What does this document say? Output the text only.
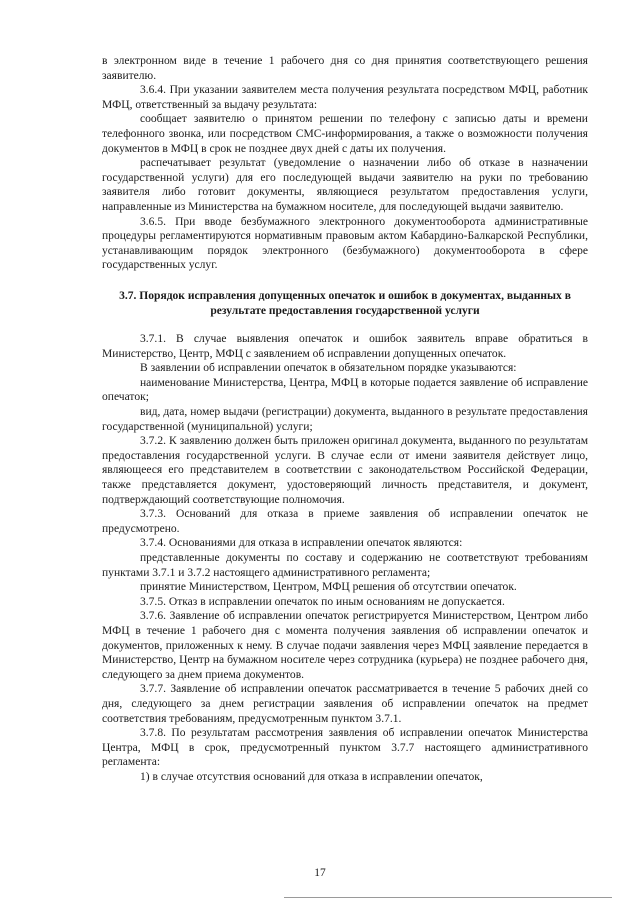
в электронном виде в течение 1 рабочего дня со дня принятия соответствующего решения заявителю.

3.6.4. При указании заявителем места получения результата посредством МФЦ, работник МФЦ, ответственный за выдачу результата:

сообщает заявителю о принятом решении по телефону с записью даты и времени телефонного звонка, или посредством СМС-информирования, а также о возможности получения документов в МФЦ в срок не позднее двух дней с даты их получения.

распечатывает результат (уведомление о назначении либо об отказе в назначении государственной услуги) для его последующей выдачи заявителю на руки по требованию заявителя либо готовит документы, являющиеся результатом предоставления услуги, направленные из Министерства на бумажном носителе, для последующей выдачи заявителю.

3.6.5. При вводе безбумажного электронного документооборота административные процедуры регламентируются нормативным правовым актом Кабардино-Балкарской Республики, устанавливающим порядок электронного (безбумажного) документооборота в сфере государственных услуг.

3.7. Порядок исправления допущенных опечаток и ошибок в документах, выданных в результате предоставления государственной услуги

3.7.1. В случае выявления опечаток и ошибок заявитель вправе обратиться в Министерство, Центр, МФЦ с заявлением об исправлении допущенных опечаток.

В заявлении об исправлении опечаток в обязательном порядке указываются:

наименование Министерства, Центра, МФЦ в которые подается заявление об исправление опечаток;

вид, дата, номер выдачи (регистрации) документа, выданного в результате предоставления государственной (муниципальной) услуги;

3.7.2. К заявлению должен быть приложен оригинал документа, выданного по результатам предоставления государственной услуги. В случае если от имени заявителя действует лицо, являющееся его представителем в соответствии с законодательством Российской Федерации, также представляется документ, удостоверяющий личность представителя, и документ, подтверждающий соответствующие полномочия.

3.7.3. Оснований для отказа в приеме заявления об исправлении опечаток не предусмотрено.

3.7.4. Основаниями для отказа в исправлении опечаток являются:

представленные документы по составу и содержанию не соответствуют требованиям пунктами 3.7.1 и 3.7.2 настоящего административного регламента;

принятие Министерством, Центром, МФЦ решения об отсутствии опечаток.

3.7.5. Отказ в исправлении опечаток по иным основаниям не допускается.

3.7.6. Заявление об исправлении опечаток регистрируется Министерством, Центром либо МФЦ в течение 1 рабочего дня с момента получения заявления об исправлении опечаток и документов, приложенных к нему. В случае подачи заявления через МФЦ заявление передается в Министерство, Центр на бумажном носителе через сотрудника (курьера) не позднее рабочего дня, следующего за днем приема документов.

3.7.7. Заявление об исправлении опечаток рассматривается в течение 5 рабочих дней со дня, следующего за днем регистрации заявления об исправлении опечаток на предмет соответствия требованиям, предусмотренным пунктом 3.7.1.

3.7.8. По результатам рассмотрения заявления об исправлении опечаток Министерства Центра, МФЦ в срок, предусмотренный пунктом 3.7.7 настоящего административного регламента:

1) в случае отсутствия оснований для отказа в исправлении опечаток,

17
